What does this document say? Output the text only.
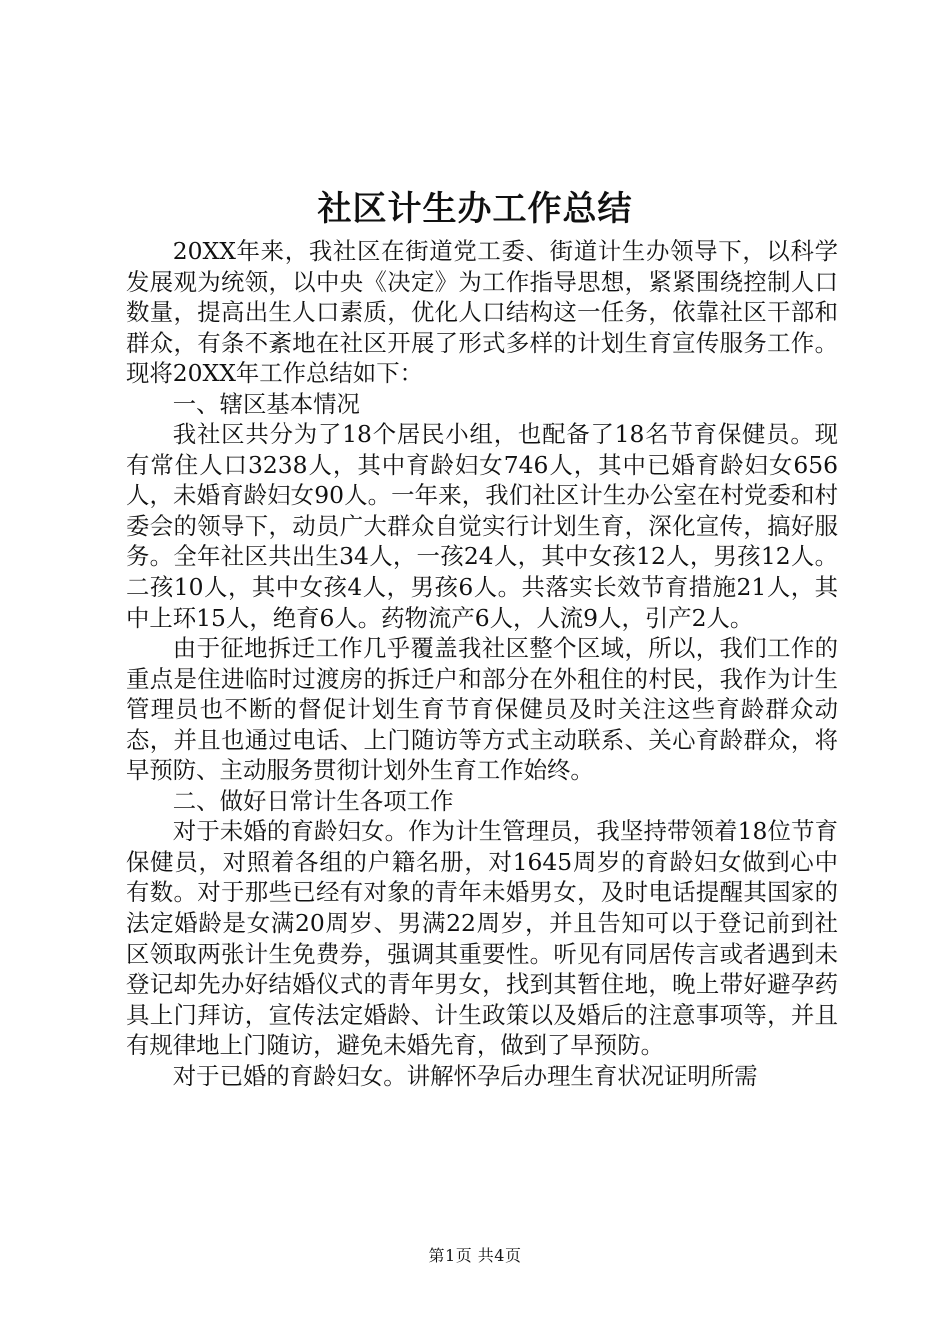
社区计生办工作总结

20XX年来，我社区在街道党工委、街道计生办领导下，以科学发展观为统领，以中央《决定》为工作指导思想，紧紧围绕控制人口数量，提高出生人口素质，优化人口结构这一任务，依靠社区干部和群众，有条不紊地在社区开展了形式多样的计划生育宣传服务工作。现将20XX年工作总结如下：

一、辖区基本情况

我社区共分为了18个居民小组，也配备了18名节育保健员。现有常住人口3238人，其中育龄妇女746人，其中已婚育龄妇女656人，未婚育龄妇女90人。一年来，我们社区计生办公室在村党委和村委会的领导下，动员广大群众自觉实行计划生育，深化宣传，搞好服务。全年社区共出生34人，一孩24人，其中女孩12人，男孩12人。二孩10人，其中女孩4人，男孩6人。共落实长效节育措施21人，其中上环15人，绝育6人。药物流产6人，人流9人，引产2人。

由于征地拆迁工作几乎覆盖我社区整个区域，所以，我们工作的重点是住进临时过渡房的拆迁户和部分在外租住的村民，我作为计生管理员也不断的督促计划生育节育保健员及时关注这些育龄群众动态，并且也通过电话、上门随访等方式主动联系、关心育龄群众，将早预防、主动服务贯彻计划外生育工作始终。

二、做好日常计生各项工作

对于未婚的育龄妇女。作为计生管理员，我坚持带领着18位节育保健员，对照着各组的户籍名册，对1645周岁的育龄妇女做到心中有数。对于那些已经有对象的青年未婚男女，及时电话提醒其国家的法定婚龄是女满20周岁、男满22周岁，并且告知可以于登记前到社区领取两张计生免费券，强调其重要性。听见有同居传言或者遇到未登记却先办好结婚仪式的青年男女，找到其暂住地，晚上带好避孕药具上门拜访，宣传法定婚龄、计生政策以及婚后的注意事项等，并且有规律地上门随访，避免未婚先育，做到了早预防。

对于已婚的育龄妇女。讲解怀孕后办理生育状况证明所需

第1页 共4页
